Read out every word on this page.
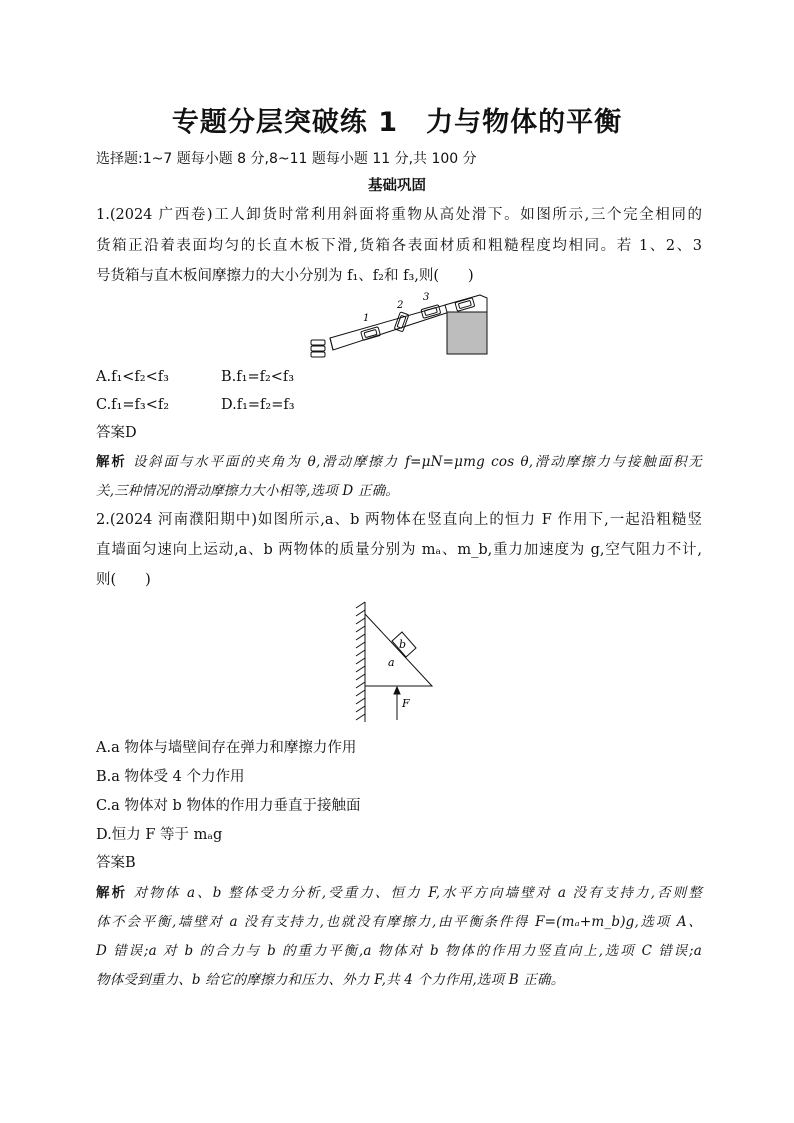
专题分层突破练 1　力与物体的平衡
选择题:1~7 题每小题 8 分,8~11 题每小题 11 分,共 100 分
基础巩固
1.(2024 广西卷)工人卸货时常利用斜面将重物从高处滑下。如图所示,三个完全相同的
货箱正沿着表面均匀的长直木板下滑,货箱各表面材质和粗糙程度均相同。若 1、2、3
号货箱与直木板间摩擦力的大小分别为 f₁、f₂和 f₃,则(　　)
1
2
3
A.f₁<f₂<f₃	B.f₁=f₂<f₃
C.f₁=f₃<f₂	D.f₁=f₂=f₃
答案D
解析 设斜面与水平面的夹角为 θ,滑动摩擦力 f=μN=μmg cos θ,滑动摩擦力与接触面积无
关,三种情况的滑动摩擦力大小相等,选项 D 正确。
2.(2024 河南濮阳期中)如图所示,a、b 两物体在竖直向上的恒力 F 作用下,一起沿粗糙竖
直墙面匀速向上运动,a、b 两物体的质量分别为 mₐ、m_b,重力加速度为 g,空气阻力不计,
则(　　)
b
a
F
A.a 物体与墙壁间存在弹力和摩擦力作用
B.a 物体受 4 个力作用
C.a 物体对 b 物体的作用力垂直于接触面
D.恒力 F 等于 mₐg
答案B
解析 对物体 a、b 整体受力分析,受重力、恒力 F,水平方向墙壁对 a 没有支持力,否则整
体不会平衡,墙壁对 a 没有支持力,也就没有摩擦力,由平衡条件得 F=(mₐ+m_b)g,选项 A、
D 错误;a 对 b 的合力与 b 的重力平衡,a 物体对 b 物体的作用力竖直向上,选项 C 错误;a
物体受到重力、b 给它的摩擦力和压力、外力 F,共 4 个力作用,选项 B 正确。
